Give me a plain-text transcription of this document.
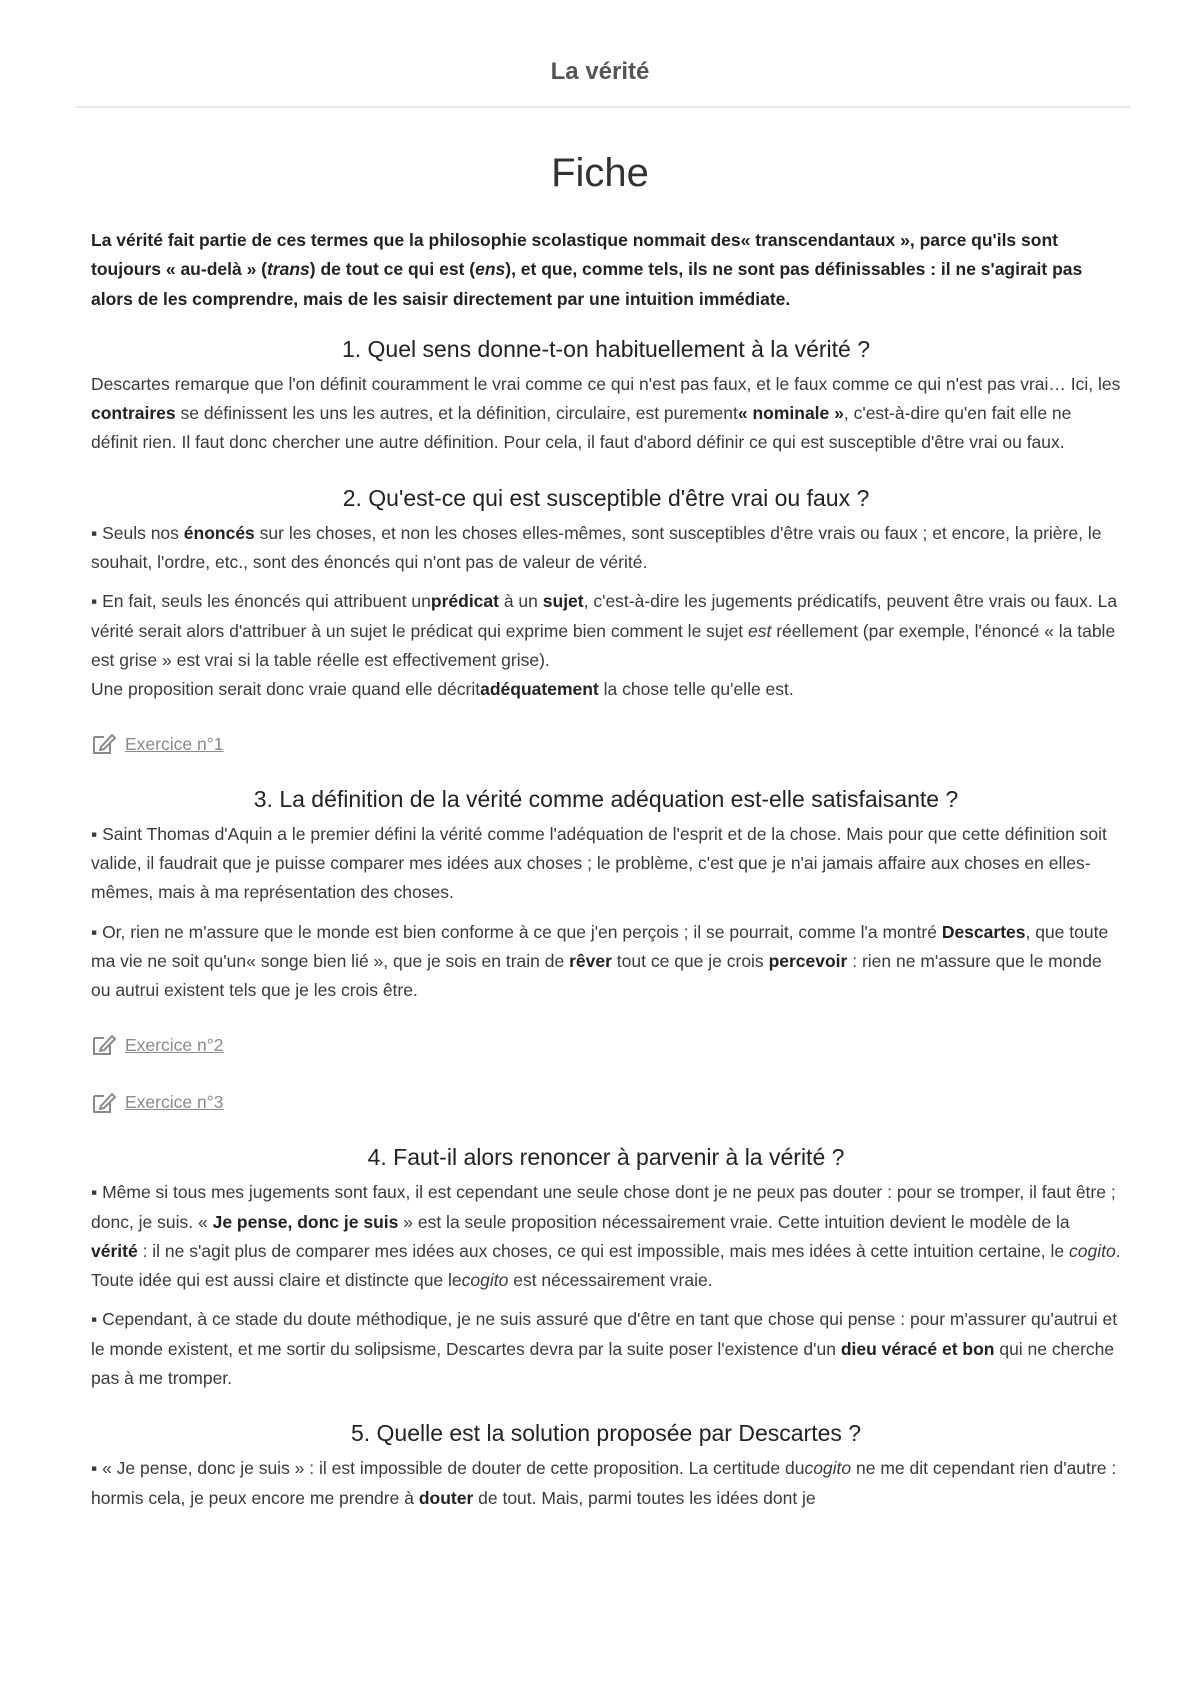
La vérité
Fiche

La vérité fait partie de ces termes que la philosophie scolastique nommait des« transcendantaux », parce qu'ils sont toujours « au-delà » (trans) de tout ce qui est (ens), et que, comme tels, ils ne sont pas définissables : il ne s'agirait pas alors de les comprendre, mais de les saisir directement par une intuition immédiate.

1. Quel sens donne-t-on habituellement à la vérité ?

Descartes remarque que l'on définit couramment le vrai comme ce qui n'est pas faux, et le faux comme ce qui n'est pas vrai… Ici, les contraires se définissent les uns les autres, et la définition, circulaire, est purement« nominale », c'est-à-dire qu'en fait elle ne définit rien. Il faut donc chercher une autre définition. Pour cela, il faut d'abord définir ce qui est susceptible d'être vrai ou faux.

2. Qu'est-ce qui est susceptible d'être vrai ou faux ?

▪ Seuls nos énoncés sur les choses, et non les choses elles-mêmes, sont susceptibles d'être vrais ou faux ; et encore, la prière, le souhait, l'ordre, etc., sont des énoncés qui n'ont pas de valeur de vérité.

▪ En fait, seuls les énoncés qui attribuent unprédicat à un sujet, c'est-à-dire les jugements prédicatifs, peuvent être vrais ou faux. La vérité serait alors d'attribuer à un sujet le prédicat qui exprime bien comment le sujet est réellement (par exemple, l'énoncé « la table est grise » est vrai si la table réelle est effectivement grise).
Une proposition serait donc vraie quand elle décritadéquatement la chose telle qu'elle est.

Exercice n°1
3. La définition de la vérité comme adéquation est-elle satisfaisante ?

▪ Saint Thomas d'Aquin a le premier défini la vérité comme l'adéquation de l'esprit et de la chose. Mais pour que cette définition soit valide, il faudrait que je puisse comparer mes idées aux choses ; le problème, c'est que je n'ai jamais affaire aux choses en elles-mêmes, mais à ma représentation des choses.

▪ Or, rien ne m'assure que le monde est bien conforme à ce que j'en perçois ; il se pourrait, comme l'a montré Descartes, que toute ma vie ne soit qu'un« songe bien lié », que je sois en train de rêver tout ce que je crois percevoir : rien ne m'assure que le monde ou autrui existent tels que je les crois être.

Exercice n°2
Exercice n°3
4. Faut-il alors renoncer à parvenir à la vérité ?

▪ Même si tous mes jugements sont faux, il est cependant une seule chose dont je ne peux pas douter : pour se tromper, il faut être ; donc, je suis. « Je pense, donc je suis » est la seule proposition nécessairement vraie. Cette intuition devient le modèle de la vérité : il ne s'agit plus de comparer mes idées aux choses, ce qui est impossible, mais mes idées à cette intuition certaine, le cogito. Toute idée qui est aussi claire et distincte que lecogito est nécessairement vraie.

▪ Cependant, à ce stade du doute méthodique, je ne suis assuré que d'être en tant que chose qui pense : pour m'assurer qu'autrui et le monde existent, et me sortir du solipsisme, Descartes devra par la suite poser l'existence d'un dieu véracé et bon qui ne cherche pas à me tromper.

5. Quelle est la solution proposée par Descartes ?

▪ « Je pense, donc je suis » : il est impossible de douter de cette proposition. La certitude ducogito ne me dit cependant rien d'autre : hormis cela, je peux encore me prendre à douter de tout. Mais, parmi toutes les idées dont je
